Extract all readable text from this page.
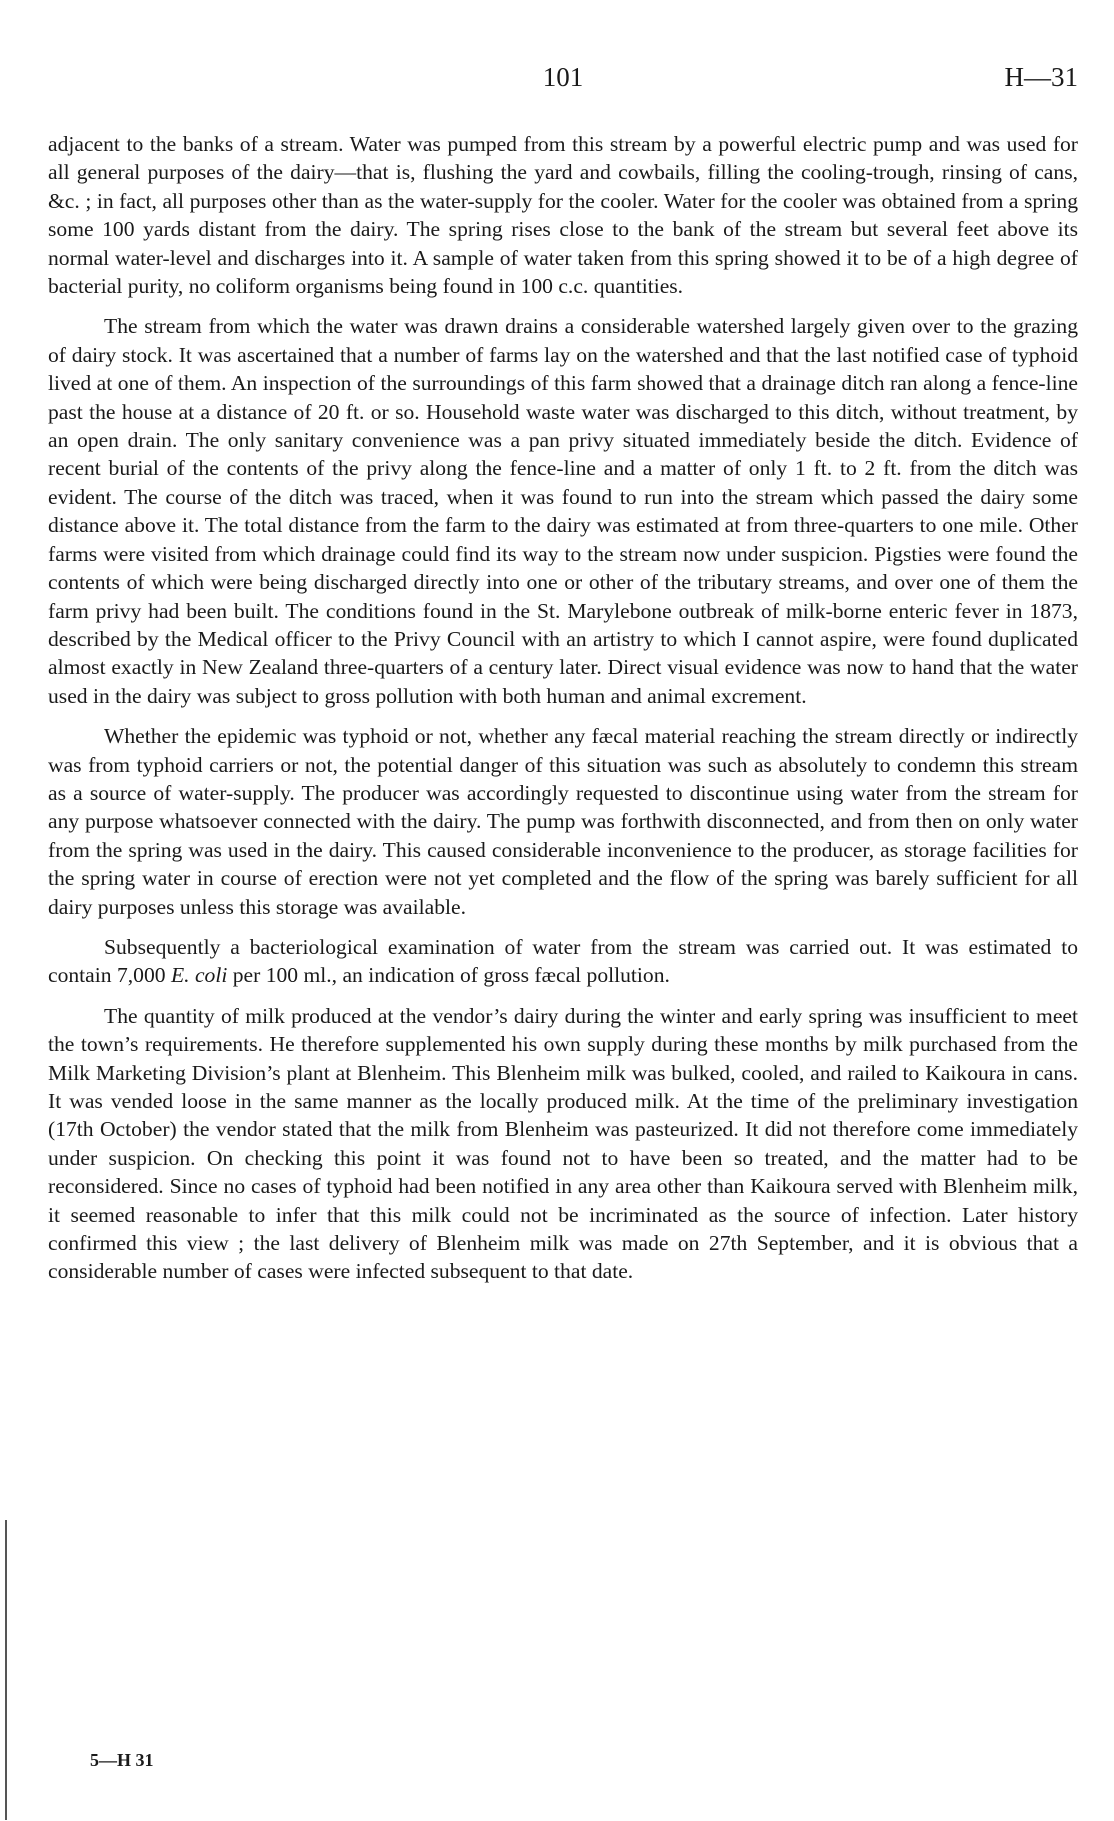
101	H—31

adjacent to the banks of a stream. Water was pumped from this stream by a powerful electric pump and was used for all general purposes of the dairy—that is, flushing the yard and cowbails, filling the cooling-trough, rinsing of cans, &c. ; in fact, all purposes other than as the water-supply for the cooler. Water for the cooler was obtained from a spring some 100 yards distant from the dairy. The spring rises close to the bank of the stream but several feet above its normal water-level and discharges into it. A sample of water taken from this spring showed it to be of a high degree of bacterial purity, no coliform organisms being found in 100 c.c. quantities.

The stream from which the water was drawn drains a considerable watershed largely given over to the grazing of dairy stock. It was ascertained that a number of farms lay on the watershed and that the last notified case of typhoid lived at one of them. An inspection of the surroundings of this farm showed that a drainage ditch ran along a fence-line past the house at a distance of 20 ft. or so. Household waste water was discharged to this ditch, without treatment, by an open drain. The only sanitary convenience was a pan privy situated immediately beside the ditch. Evidence of recent burial of the contents of the privy along the fence-line and a matter of only 1 ft. to 2 ft. from the ditch was evident. The course of the ditch was traced, when it was found to run into the stream which passed the dairy some distance above it. The total distance from the farm to the dairy was estimated at from three-quarters to one mile. Other farms were visited from which drainage could find its way to the stream now under suspicion. Pigsties were found the contents of which were being discharged directly into one or other of the tributary streams, and over one of them the farm privy had been built. The conditions found in the St. Marylebone outbreak of milk-borne enteric fever in 1873, described by the Medical officer to the Privy Council with an artistry to which I cannot aspire, were found duplicated almost exactly in New Zealand three-quarters of a century later. Direct visual evidence was now to hand that the water used in the dairy was subject to gross pollution with both human and animal excrement.

Whether the epidemic was typhoid or not, whether any fæcal material reaching the stream directly or indirectly was from typhoid carriers or not, the potential danger of this situation was such as absolutely to condemn this stream as a source of water-supply. The producer was accordingly requested to discontinue using water from the stream for any purpose whatsoever connected with the dairy. The pump was forthwith disconnected, and from then on only water from the spring was used in the dairy. This caused considerable inconvenience to the producer, as storage facilities for the spring water in course of erection were not yet completed and the flow of the spring was barely sufficient for all dairy purposes unless this storage was available.

Subsequently a bacteriological examination of water from the stream was carried out. It was estimated to contain 7,000 E. coli per 100 ml., an indication of gross fæcal pollution.

The quantity of milk produced at the vendor’s dairy during the winter and early spring was insufficient to meet the town’s requirements. He therefore supplemented his own supply during these months by milk purchased from the Milk Marketing Division’s plant at Blenheim. This Blenheim milk was bulked, cooled, and railed to Kaikoura in cans. It was vended loose in the same manner as the locally produced milk. At the time of the preliminary investigation (17th October) the vendor stated that the milk from Blenheim was pasteurized. It did not therefore come immediately under suspicion. On checking this point it was found not to have been so treated, and the matter had to be reconsidered. Since no cases of typhoid had been notified in any area other than Kaikoura served with Blenheim milk, it seemed reasonable to infer that this milk could not be incriminated as the source of infection. Later history confirmed this view ; the last delivery of Blenheim milk was made on 27th September, and it is obvious that a considerable number of cases were infected subsequent to that date.

5—H 31
